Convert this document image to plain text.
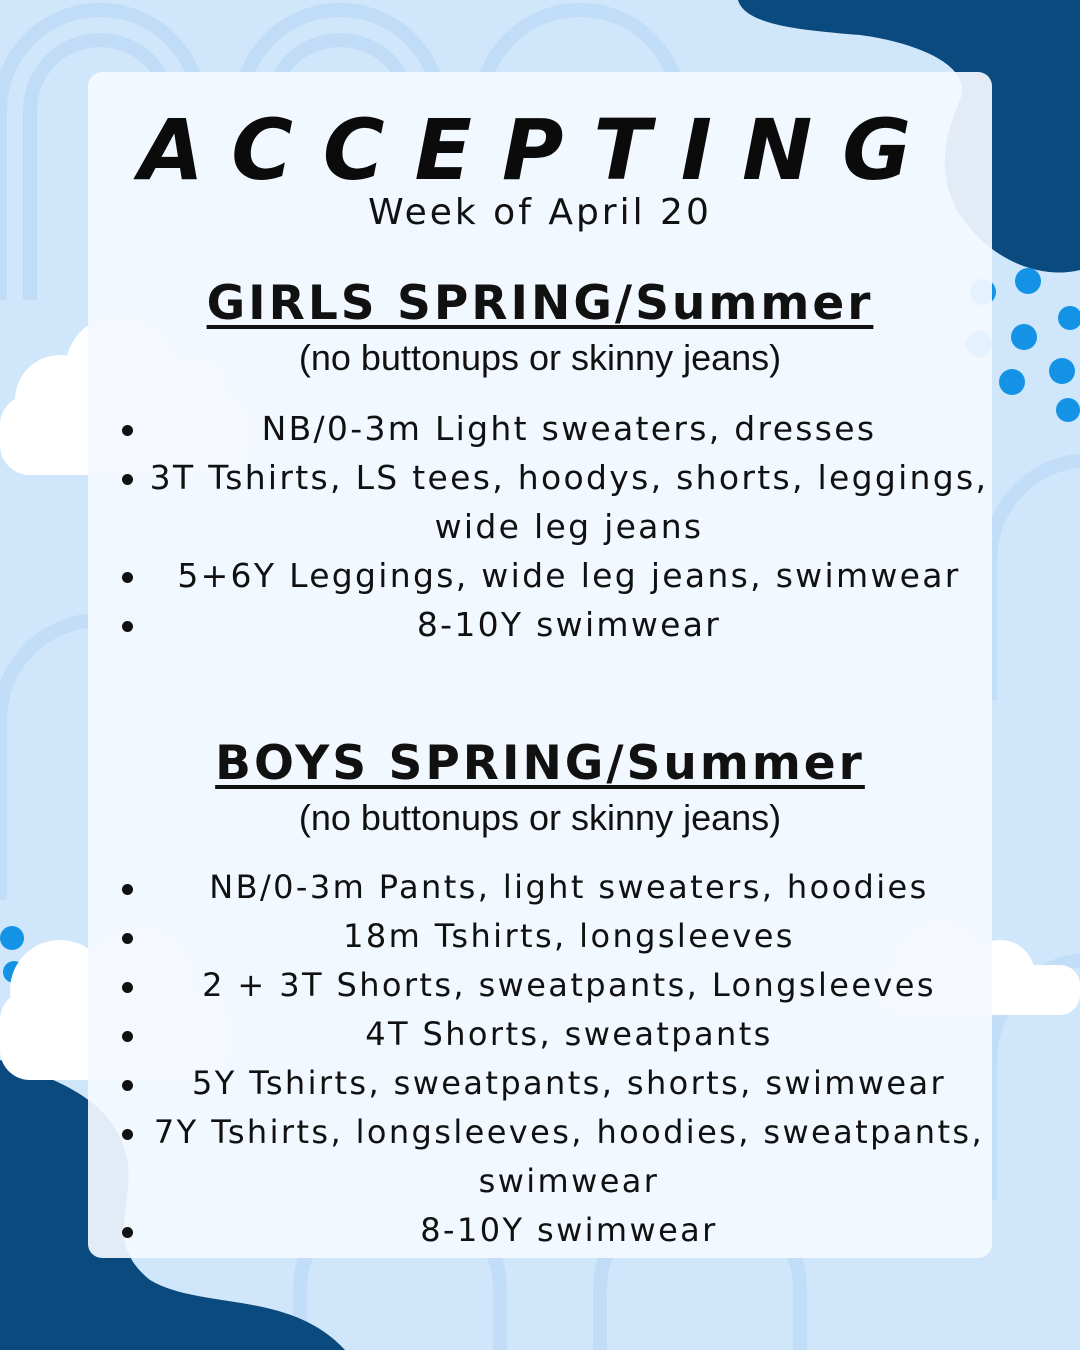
ACCEPTING
Week of April 20
GIRLS SPRING/Summer
(no buttonups or skinny jeans)
NB/0-3m Light sweaters, dresses
3T Tshirts, LS tees, hoodys, shorts, leggings, wide leg jeans
5+6Y Leggings, wide leg jeans, swimwear
8-10Y swimwear
BOYS SPRING/Summer
(no buttonups or skinny jeans)
NB/0-3m Pants, light sweaters, hoodies
18m Tshirts, longsleeves
2 + 3T Shorts, sweatpants, Longsleeves
4T Shorts, sweatpants
5Y Tshirts, sweatpants, shorts, swimwear
7Y Tshirts, longsleeves, hoodies, sweatpants, swimwear
8-10Y swimwear
